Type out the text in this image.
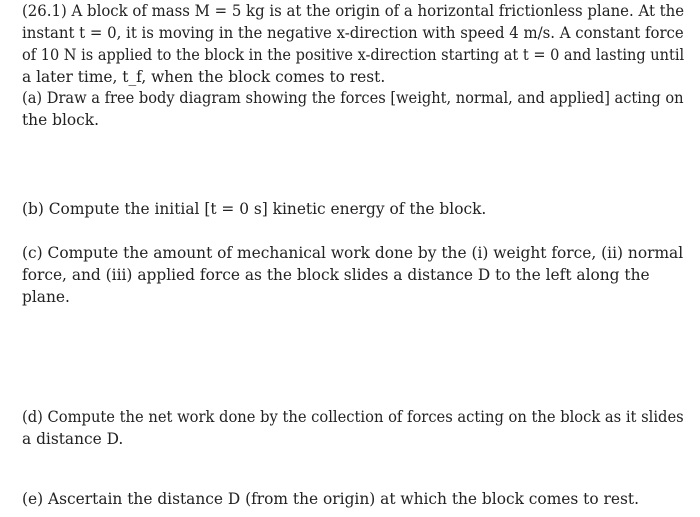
(26.1) A block of mass M = 5 kg is at the origin of a horizontal frictionless plane. At the
instant t = 0, it is moving in the negative x-direction with speed 4 m/s. A constant force
of 10 N is applied to the block in the positive x-direction starting at t = 0 and lasting until
a later time, t_f, when the block comes to rest.
(a) Draw a free body diagram showing the forces [weight, normal, and applied] acting on
the block.
(b) Compute the initial [t = 0 s] kinetic energy of the block.
(c) Compute the amount of mechanical work done by the (i) weight force, (ii) normal
force, and (iii) applied force as the block slides a distance D to the left along the
plane.
(d) Compute the net work done by the collection of forces acting on the block as it slides
a distance D.
(e) Ascertain the distance D (from the origin) at which the block comes to rest.
